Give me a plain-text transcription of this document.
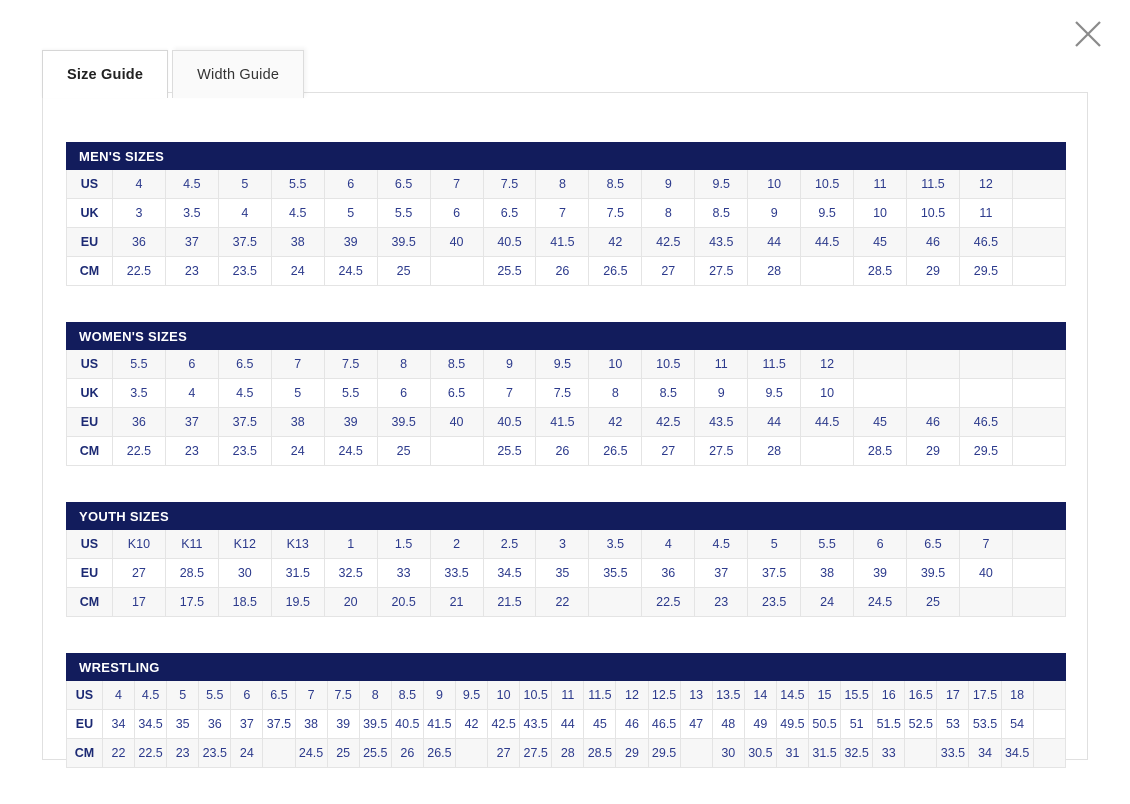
Size Guide	Width Guide
MEN'S SIZES																		
US	4	4.5	5	5.5	6	6.5	7	7.5	8	8.5	9	9.5	10	10.5	11	11.5	12	
UK	3	3.5	4	4.5	5	5.5	6	6.5	7	7.5	8	8.5	9	9.5	10	10.5	11	
EU	36	37	37.5	38	39	39.5	40	40.5	41.5	42	42.5	43.5	44	44.5	45	46	46.5	
CM	22.5	23	23.5	24	24.5	25		25.5	26	26.5	27	27.5	28		28.5	29	29.5	
WOMEN'S SIZES																		
US	5.5	6	6.5	7	7.5	8	8.5	9	9.5	10	10.5	11	11.5	12				
UK	3.5	4	4.5	5	5.5	6	6.5	7	7.5	8	8.5	9	9.5	10				
EU	36	37	37.5	38	39	39.5	40	40.5	41.5	42	42.5	43.5	44	44.5	45	46	46.5	
CM	22.5	23	23.5	24	24.5	25		25.5	26	26.5	27	27.5	28		28.5	29	29.5	
YOUTH SIZES																		
US	K10	K11	K12	K13	1	1.5	2	2.5	3	3.5	4	4.5	5	5.5	6	6.5	7	
EU	27	28.5	30	31.5	32.5	33	33.5	34.5	35	35.5	36	37	37.5	38	39	39.5	40	
CM	17	17.5	18.5	19.5	20	20.5	21	21.5	22		22.5	23	23.5	24	24.5	25		
WRESTLING																														
US	4	4.5	5	5.5	6	6.5	7	7.5	8	8.5	9	9.5	10	10.5	11	11.5	12	12.5	13	13.5	14	14.5	15	15.5	16	16.5	17	17.5	18	
EU	34	34.5	35	36	37	37.5	38	39	39.5	40.5	41.5	42	42.5	43.5	44	45	46	46.5	47	48	49	49.5	50.5	51	51.5	52.5	53	53.5	54	
CM	22	22.5	23	23.5	24		24.5	25	25.5	26	26.5		27	27.5	28	28.5	29	29.5		30	30.5	31	31.5	32.5	33		33.5	34	34.5	
